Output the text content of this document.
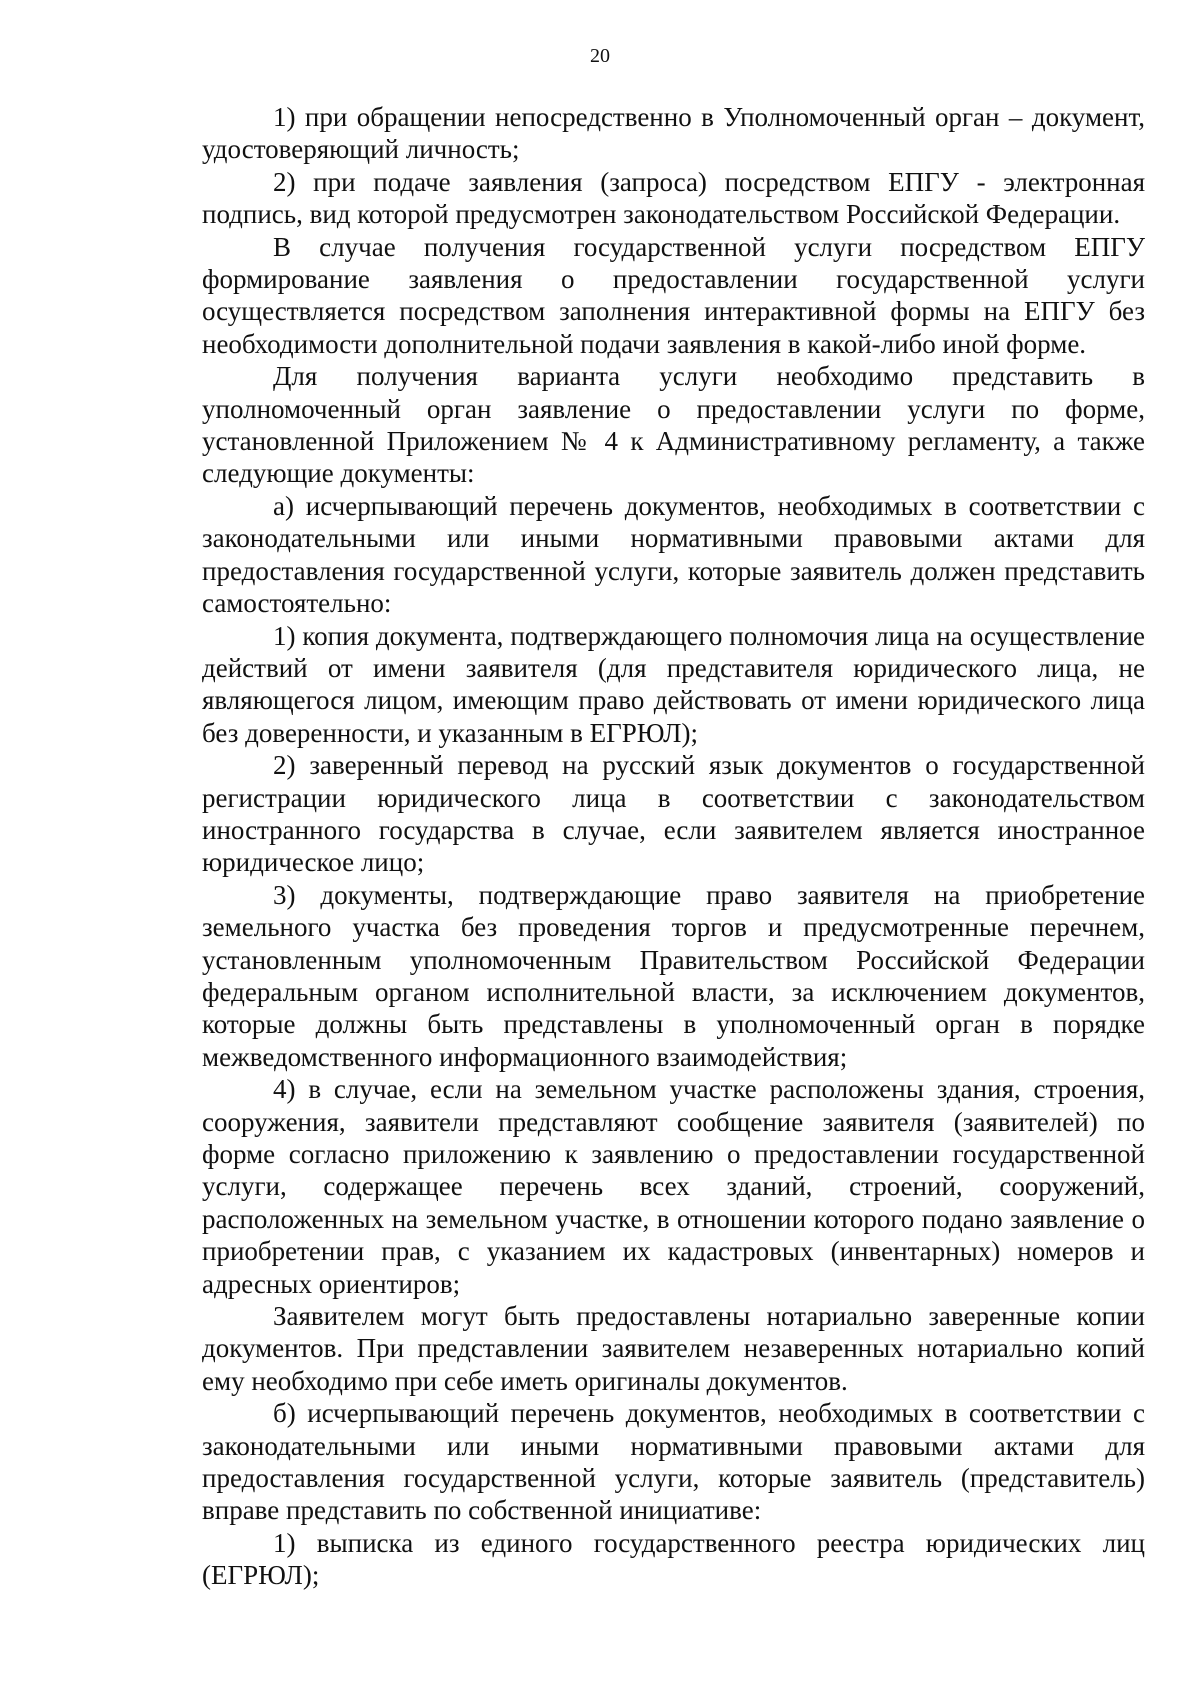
20

1) при обращении непосредственно в Уполномоченный орган – документ, удостоверяющий личность;

2) при подаче заявления (запроса) посредством ЕПГУ - электронная подпись, вид которой предусмотрен законодательством Российской Федерации.

В случае получения государственной услуги посредством ЕПГУ формирование заявления о предоставлении государственной услуги осуществляется посредством заполнения интерактивной формы на ЕПГУ без необходимости дополнительной подачи заявления в какой-либо иной форме.

Для получения варианта услуги необходимо представить в уполномоченный орган заявление о предоставлении услуги по форме, установленной Приложением № 4 к Административному регламенту, а также следующие документы:

а) исчерпывающий перечень документов, необходимых в соответствии с законодательными или иными нормативными правовыми актами для предоставления государственной услуги, которые заявитель должен представить самостоятельно:

1) копия документа, подтверждающего полномочия лица на осуществление действий от имени заявителя (для представителя юридического лица, не являющегося лицом, имеющим право действовать от имени юридического лица без доверенности, и указанным в ЕГРЮЛ);

2) заверенный перевод на русский язык документов о государственной регистрации юридического лица в соответствии с законодательством иностранного государства в случае, если заявителем является иностранное юридическое лицо;

3) документы, подтверждающие право заявителя на приобретение земельного участка без проведения торгов и предусмотренные перечнем, установленным уполномоченным Правительством Российской Федерации федеральным органом исполнительной власти, за исключением документов, которые должны быть представлены в уполномоченный орган в порядке межведомственного информационного взаимодействия;

4) в случае, если на земельном участке расположены здания, строения, сооружения, заявители представляют сообщение заявителя (заявителей) по форме согласно приложению к заявлению о предоставлении государственной услуги, содержащее перечень всех зданий, строений, сооружений, расположенных на земельном участке, в отношении которого подано заявление о приобретении прав, с указанием их кадастровых (инвентарных) номеров и адресных ориентиров;

Заявителем могут быть предоставлены нотариально заверенные копии документов. При представлении заявителем незаверенных нотариально копий ему необходимо при себе иметь оригиналы документов.

б) исчерпывающий перечень документов, необходимых в соответствии с законодательными или иными нормативными правовыми актами для предоставления государственной услуги, которые заявитель (представитель) вправе представить по собственной инициативе:

1) выписка из единого государственного реестра юридических лиц (ЕГРЮЛ);
